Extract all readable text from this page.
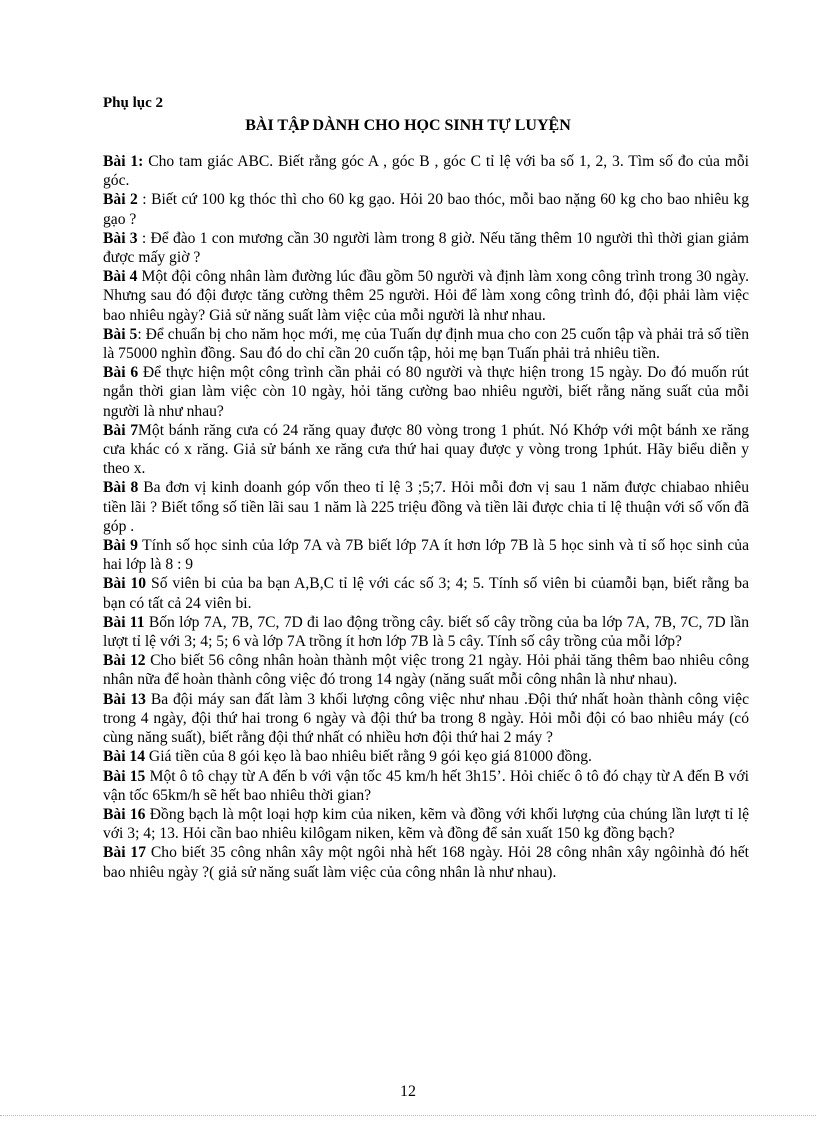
Phụ lục 2
BÀI TẬP DÀNH CHO HỌC SINH TỰ LUYỆN

Bài 1: Cho tam giác ABC. Biết rằng góc A , góc B , góc C tỉ lệ với ba số 1, 2, 3. Tìm số đo của mỗi góc.

Bài 2 : Biết cứ 100 kg thóc thì cho 60 kg gạo. Hỏi 20 bao thóc, mỗi bao nặng 60 kg cho bao nhiêu kg gạo ?

Bài 3 : Để đào 1 con mương cần 30 người làm trong 8 giờ. Nếu tăng thêm 10 người thì thời gian giảm được mấy giờ ?

Bài 4 Một đội công nhân làm đường lúc đầu gồm 50 người và định làm xong công trình trong 30 ngày. Nhưng sau đó đội được tăng cường thêm 25 người. Hỏi để làm xong công trình đó, đội phải làm việc bao nhiêu ngày? Giả sử năng suất làm việc của mỗi người là như nhau.

Bài 5: Để chuẩn bị cho năm học mới, mẹ của Tuấn dự định mua cho con 25 cuốn tập và phải trả số tiền là 75000 nghìn đồng. Sau đó do chỉ cần 20 cuốn tập, hỏi mẹ bạn Tuấn phải trả nhiêu tiền.

Bài 6 Để thực hiện một công trình cần phải có 80 người và thực hiện trong 15 ngày. Do đó muốn rút ngắn thời gian làm việc còn 10 ngày, hỏi tăng cường bao nhiêu người, biết rằng năng suất của mỗi người là như nhau?

Bài 7Một bánh răng cưa có 24 răng quay được 80 vòng trong 1 phút. Nó Khớp với một bánh xe răng cưa khác có x răng. Giả sử bánh xe răng cưa thứ hai quay được y vòng trong 1phút. Hãy biểu diễn y theo x.

Bài 8 Ba đơn vị kinh doanh góp vốn theo tỉ lệ 3 ;5;7. Hỏi mỗi đơn vị sau 1 năm được chiabao nhiêu tiền lãi ? Biết tổng số tiền lãi sau 1 năm là 225 triệu đồng và tiền lãi được chia tỉ lệ thuận với số vốn đã góp .

Bài 9 Tính số học sinh của lớp 7A và 7B biết lớp 7A ít hơn lớp 7B là 5 học sinh và tỉ số học sinh của hai lớp là 8 : 9

Bài 10 Số viên bi của ba bạn A,B,C tỉ lệ với các số 3; 4; 5. Tính số viên bi củamỗi bạn, biết rằng ba bạn có tất cả 24 viên bi.

Bài 11 Bốn lớp 7A, 7B, 7C, 7D đi lao động trồng cây. biết số cây trồng của ba lớp 7A, 7B, 7C, 7D lần lượt tỉ lệ với 3; 4; 5; 6 và lớp 7A trồng ít hơn lớp 7B là 5 cây. Tính số cây trồng của mỗi lớp?

Bài 12 Cho biết 56 công nhân hoàn thành một việc trong 21 ngày. Hỏi phải tăng thêm bao nhiêu công nhân nữa để hoàn thành công việc đó trong 14 ngày (năng suất mỗi công nhân là như nhau).

Bài 13 Ba đội máy san đất làm 3 khối lượng công việc như nhau .Đội thứ nhất hoàn thành công việc trong 4 ngày, đội thứ hai trong 6 ngày và đội thứ ba trong 8 ngày. Hỏi mỗi đội có bao nhiêu máy (có cùng năng suất), biết rằng đội thứ nhất có nhiều hơn đội thứ hai 2 máy ?

Bài 14 Giá tiền của 8 gói kẹo là bao nhiêu biết rằng 9 gói kẹo giá 81000 đồng.

Bài 15 Một ô tô chạy từ A đến b với vận tốc 45 km/h hết 3h15’. Hỏi chiếc ô tô đó chạy từ A đến B với vận tốc 65km/h sẽ hết bao nhiêu thời gian?

Bài 16 Đồng bạch là một loại hợp kim của niken, kẽm và đồng với khối lượng của chúng lần lượt tỉ lệ với 3; 4; 13. Hỏi cần bao nhiêu kilôgam niken, kẽm và đồng để sản xuất 150 kg đồng bạch?

Bài 17 Cho biết 35 công nhân xây một ngôi nhà hết 168 ngày. Hỏi 28 công nhân xây ngôinhà đó hết bao nhiêu ngày ?( giả sử năng suất làm việc của công nhân là như nhau).

12
